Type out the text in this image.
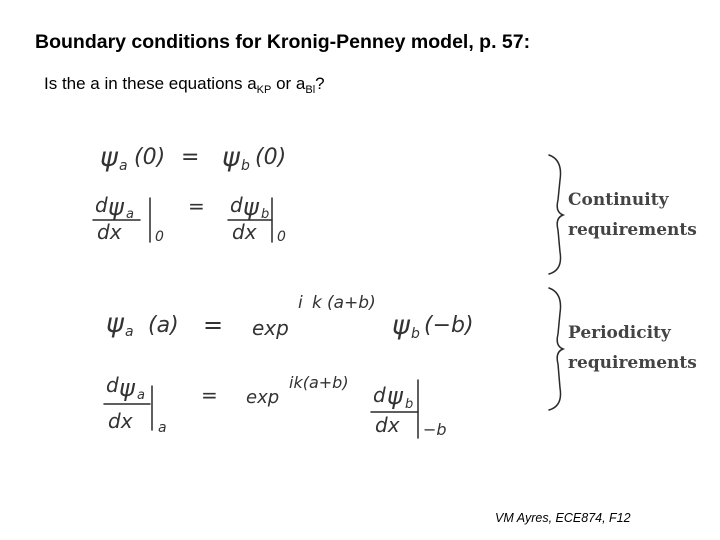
Boundary conditions for Kronig-Penney model, p. 57:
Is the a in these equations $a_{KP}$ or $a_{Bl}$?
ψ a (0) = ψ b (0)
d ψ a
dx 0
= d ψ b
dx 0
ψ a (a) = exp
i k (a+b)
ψ b (−b)
d ψ a
dx a
= exp
ik(a+b)
d ψ b
dx −b
Continuity
requirements
Periodicity
requirements
VM Ayres, ECE874, F12
